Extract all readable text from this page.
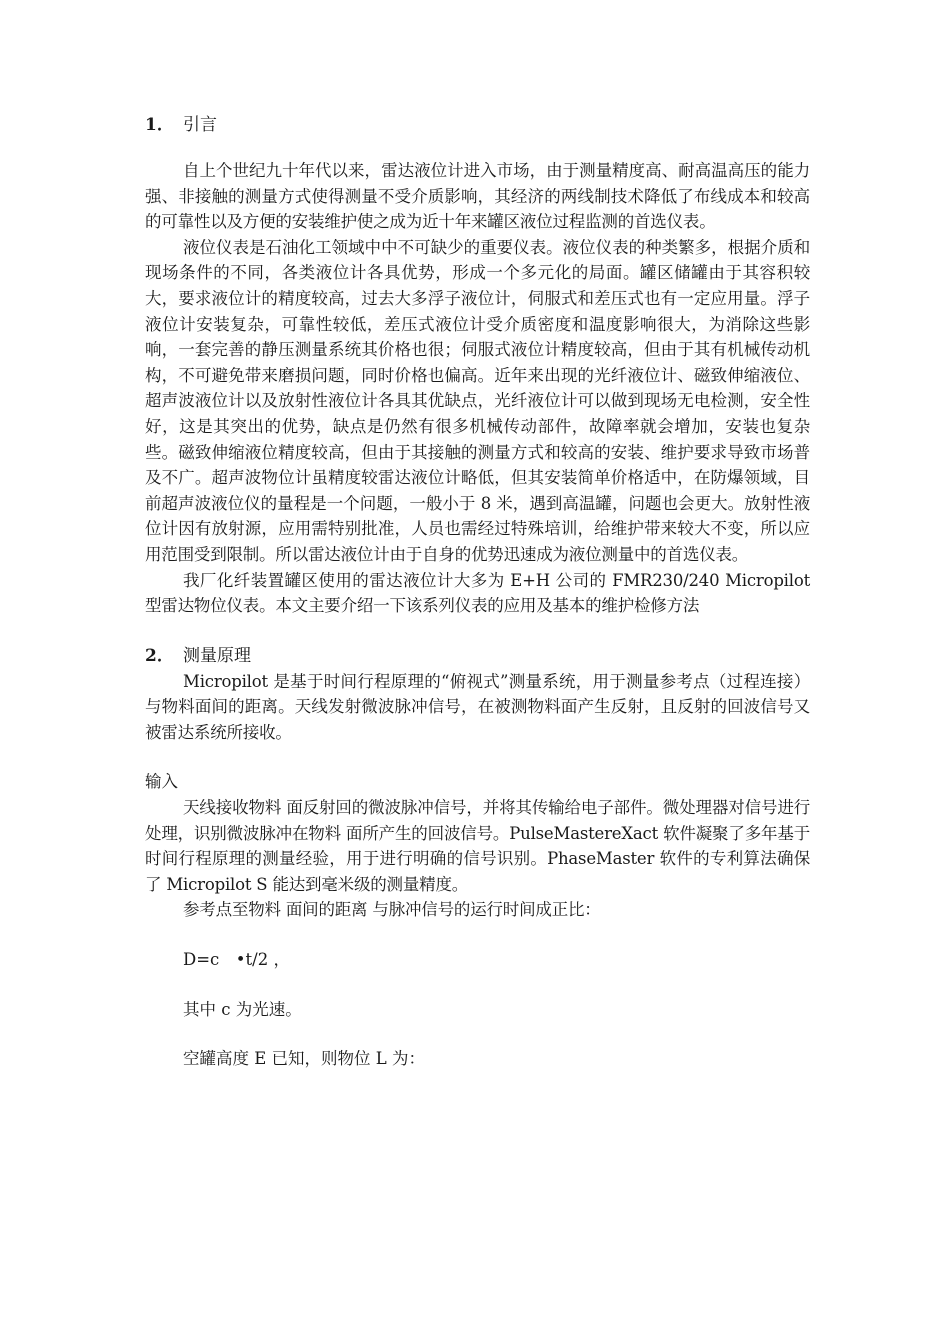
1． 引言

自上个世纪九十年代以来，雷达液位计进入市场，由于测量精度高、耐高温高压的能力强、非接触的测量方式使得测量不受介质影响，其经济的两线制技术降低了布线成本和较高的可靠性以及方便的安装维护使之成为近十年来罐区液位过程监测的首选仪表。

液位仪表是石油化工领域中中不可缺少的重要仪表。液位仪表的种类繁多，根据介质和现场条件的不同，各类液位计各具优势，形成一个多元化的局面。罐区储罐由于其容积较大，要求液位计的精度较高，过去大多浮子液位计，伺服式和差压式也有一定应用量。浮子液位计安装复杂，可靠性较低，差压式液位计受介质密度和温度影响很大，为消除这些影响，一套完善的静压测量系统其价格也很；伺服式液位计精度较高，但由于其有机械传动机构，不可避免带来磨损问题，同时价格也偏高。近年来出现的光纤液位计、磁致伸缩液位、超声波液位计以及放射性液位计各具其优缺点，光纤液位计可以做到现场无电检测，安全性好，这是其突出的优势，缺点是仍然有很多机械传动部件，故障率就会增加，安装也复杂些。磁致伸缩液位精度较高，但由于其接触的测量方式和较高的安装、维护要求导致市场普及不广。超声波物位计虽精度较雷达液位计略低，但其安装简单价格适中，在防爆领域，目前超声波液位仪的量程是一个问题，一般小于 8 米，遇到高温罐，问题也会更大。放射性液位计因有放射源，应用需特别批准，人员也需经过特殊培训，给维护带来较大不变，所以应用范围受到限制。所以雷达液位计由于自身的优势迅速成为液位测量中的首选仪表。

我厂化纤装置罐区使用的雷达液位计大多为 E+H 公司的 FMR230/240 Micropilot 型雷达物位仪表。本文主要介绍一下该系列仪表的应用及基本的维护检修方法

2． 测量原理

Micropilot 是基于时间行程原理的“俯视式”测量系统，用于测量参考点（过程连接）与物料面间的距离。天线发射微波脉冲信号，在被测物料面产生反射，且反射的回波信号又被雷达系统所接收。

输入

天线接收物料 面反射回的微波脉冲信号，并将其传输给电子部件。微处理器对信号进行处理，识别微波脉冲在物料 面所产生的回波信号。PulseMastereXact 软件凝聚了多年基于时间行程原理的测量经验，用于进行明确的信号识别。PhaseMaster 软件的专利算法确保了 Micropilot S 能达到毫米级的测量精度。

参考点至物料 面间的距离 与脉冲信号的运行时间成正比：

D=c　•t/2 ，

其中 c 为光速。

空罐高度 E 已知，则物位 L 为：
